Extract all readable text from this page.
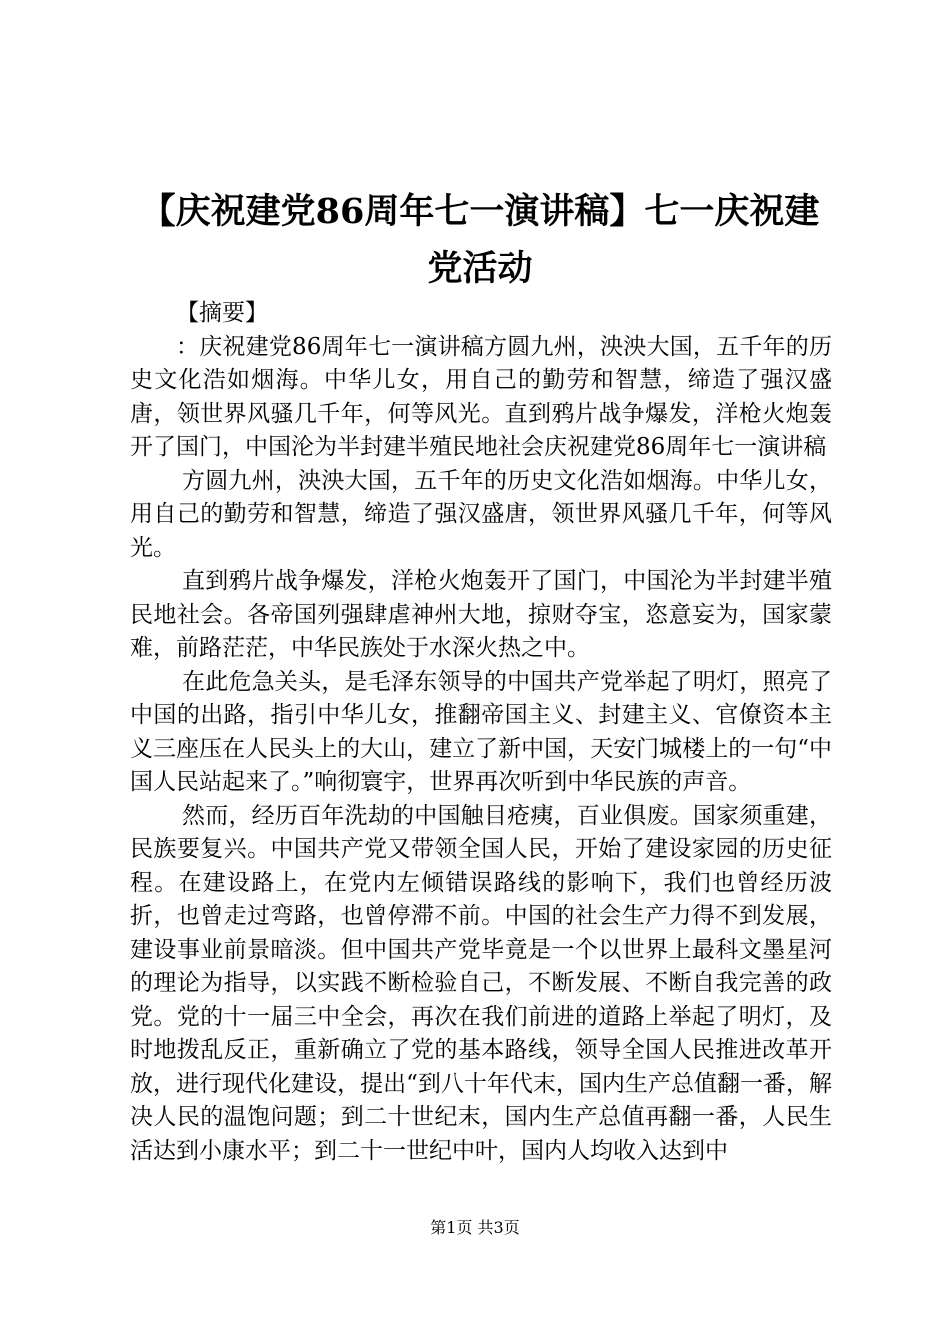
【庆祝建党86周年七一演讲稿】七一庆祝建党活动

【摘要】

：庆祝建党86周年七一演讲稿方圆九州，泱泱大国，五千年的历史文化浩如烟海。中华儿女，用自己的勤劳和智慧，缔造了强汉盛唐，领世界风骚几千年，何等风光。直到鸦片战争爆发，洋枪火炮轰开了国门，中国沦为半封建半殖民地社会庆祝建党86周年七一演讲稿

方圆九州，泱泱大国，五千年的历史文化浩如烟海。中华儿女，用自己的勤劳和智慧，缔造了强汉盛唐，领世界风骚几千年，何等风光。

直到鸦片战争爆发，洋枪火炮轰开了国门，中国沦为半封建半殖民地社会。各帝国列强肆虐神州大地，掠财夺宝，恣意妄为，国家蒙难，前路茫茫，中华民族处于水深火热之中。

在此危急关头，是毛泽东领导的中国共产党举起了明灯，照亮了中国的出路，指引中华儿女，推翻帝国主义、封建主义、官僚资本主义三座压在人民头上的大山，建立了新中国，天安门城楼上的一句“中国人民站起来了。”响彻寰宇，世界再次听到中华民族的声音。

然而，经历百年洗劫的中国触目疮痍，百业俱废。国家须重建，民族要复兴。中国共产党又带领全国人民，开始了建设家园的历史征程。在建设路上，在党内左倾错误路线的影响下，我们也曾经历波折，也曾走过弯路，也曾停滞不前。中国的社会生产力得不到发展，建设事业前景暗淡。但中国共产党毕竟是一个以世界上最科文墨星河的理论为指导，以实践不断检验自己，不断发展、不断自我完善的政党。党的十一届三中全会，再次在我们前进的道路上举起了明灯，及时地拨乱反正，重新确立了党的基本路线，领导全国人民推进改革开放，进行现代化建设，提出“到八十年代末，国内生产总值翻一番，解决人民的温饱问题；到二十世纪末，国内生产总值再翻一番，人民生活达到小康水平；到二十一世纪中叶，国内人均收入达到中

第1页 共3页
